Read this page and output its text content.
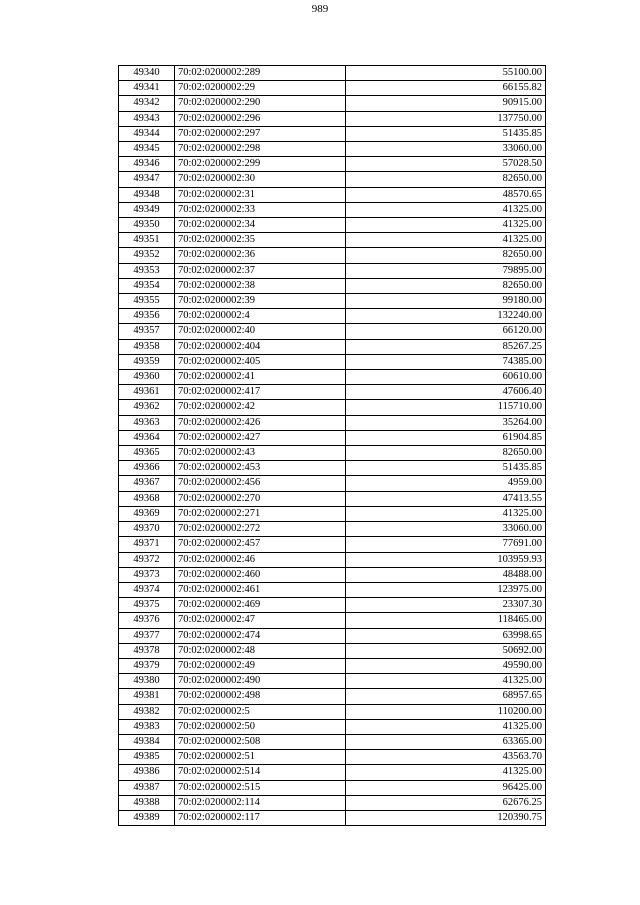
989
49340	70:02:0200002:289	55100.00
49341	70:02:0200002:29	66155.82
49342	70:02:0200002:290	90915.00
49343	70:02:0200002:296	137750.00
49344	70:02:0200002:297	51435.85
49345	70:02:0200002:298	33060.00
49346	70:02:0200002:299	57028.50
49347	70:02:0200002:30	82650.00
49348	70:02:0200002:31	48570.65
49349	70:02:0200002:33	41325.00
49350	70:02:0200002:34	41325.00
49351	70:02:0200002:35	41325.00
49352	70:02:0200002:36	82650.00
49353	70:02:0200002:37	79895.00
49354	70:02:0200002:38	82650.00
49355	70:02:0200002:39	99180.00
49356	70:02:0200002:4	132240.00
49357	70:02:0200002:40	66120.00
49358	70:02:0200002:404	85267.25
49359	70:02:0200002:405	74385.00
49360	70:02:0200002:41	60610.00
49361	70:02:0200002:417	47606.40
49362	70:02:0200002:42	115710.00
49363	70:02:0200002:426	35264.00
49364	70:02:0200002:427	61904.85
49365	70:02:0200002:43	82650.00
49366	70:02:0200002:453	51435.85
49367	70:02:0200002:456	4959.00
49368	70:02:0200002:270	47413.55
49369	70:02:0200002:271	41325.00
49370	70:02:0200002:272	33060.00
49371	70:02:0200002:457	77691.00
49372	70:02:0200002:46	103959.93
49373	70:02:0200002:460	48488.00
49374	70:02:0200002:461	123975.00
49375	70:02:0200002:469	23307.30
49376	70:02:0200002:47	118465.00
49377	70:02:0200002:474	63998.65
49378	70:02:0200002:48	50692.00
49379	70:02:0200002:49	49590.00
49380	70:02:0200002:490	41325.00
49381	70:02:0200002:498	68957.65
49382	70:02:0200002:5	110200.00
49383	70:02:0200002:50	41325.00
49384	70:02:0200002:508	63365.00
49385	70:02:0200002:51	43563.70
49386	70:02:0200002:514	41325.00
49387	70:02:0200002:515	96425.00
49388	70:02:0200002:114	62676.25
49389	70:02:0200002:117	120390.75
